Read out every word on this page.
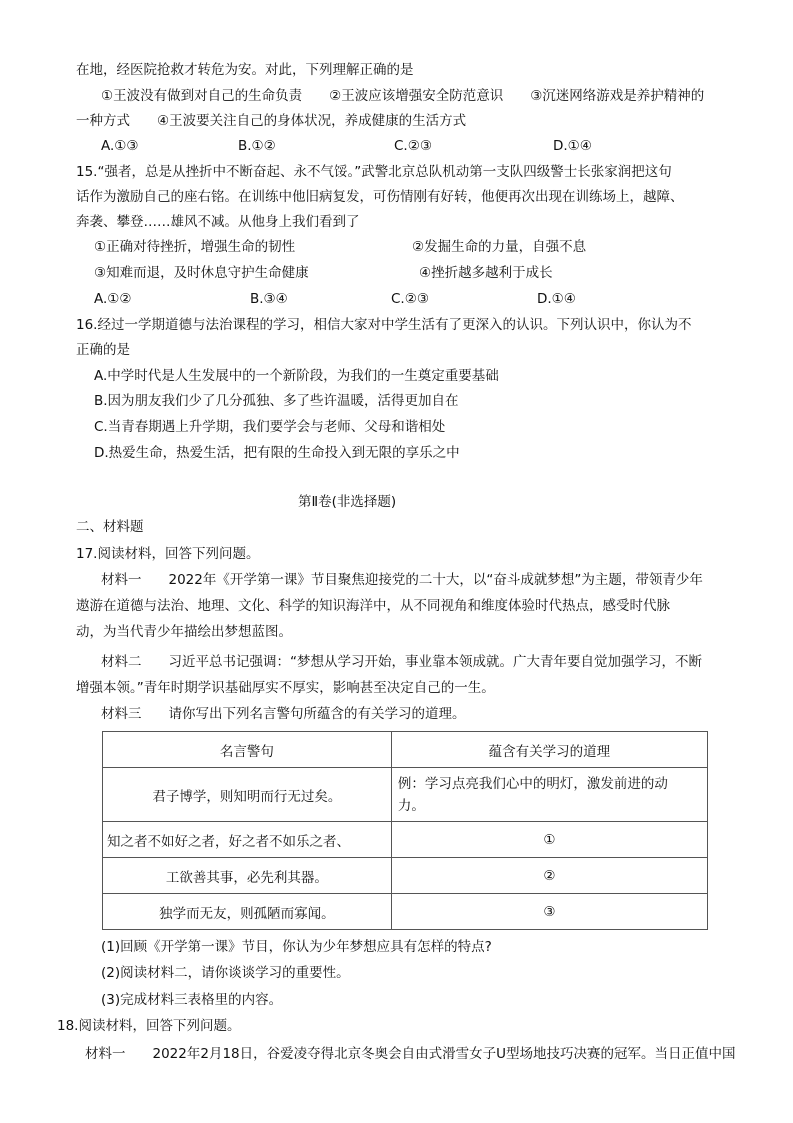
在地，经医院抢救才转危为安。对此，下列理解正确的是
①王波没有做到对自己的生命负责　　②王波应该增强安全防范意识　　③沉迷网络游戏是养护精神的
一种方式　　④王波要关注自己的身体状况，养成健康的生活方式
A.①③	B.①②	C.②③	D.①④
15.“强者，总是从挫折中不断奋起、永不气馁。”武警北京总队机动第一支队四级警士长张家润把这句
话作为激励自己的座右铭。在训练中他旧病复发，可伤情刚有好转，他便再次出现在训练场上，越障、
奔袭、攀登……雄风不减。从他身上我们看到了
①正确对待挫折，增强生命的韧性	②发掘生命的力量，自强不息
③知难而退，及时休息守护生命健康	④挫折越多越利于成长
A.①②	B.③④	C.②③	D.①④
16.经过一学期道德与法治课程的学习，相信大家对中学生活有了更深入的认识。下列认识中，你认为不
正确的是
A.中学时代是人生发展中的一个新阶段，为我们的一生奠定重要基础
B.因为朋友我们少了几分孤独、多了些许温暖，活得更加自在
C.当青春期遇上升学期，我们要学会与老师、父母和谐相处
D.热爱生命，热爱生活，把有限的生命投入到无限的享乐之中
第Ⅱ卷(非选择题)
二、材料题
17.阅读材料，回答下列问题。
材料一　　2022年《开学第一课》节目聚焦迎接党的二十大，以“奋斗成就梦想”为主题，带领青少年
遨游在道德与法治、地理、文化、科学的知识海洋中，从不同视角和维度体验时代热点，感受时代脉
动，为当代青少年描绘出梦想蓝图。
材料二　　习近平总书记强调：“梦想从学习开始，事业靠本领成就。广大青年要自觉加强学习，不断
增强本领。”青年时期学识基础厚实不厚实，影响甚至决定自己的一生。
材料三　　请你写出下列名言警句所蕴含的有关学习的道理。
名言警句	蕴含有关学习的道理
君子博学，则知明而行无过矣。	例：学习点亮我们心中的明灯，激发前进的动
力。

知之者不如好之者，好之者不如乐之者、	①
工欲善其事，必先利其器。	②
独学而无友，则孤陋而寡闻。	③
(1)回顾《开学第一课》节目，你认为少年梦想应具有怎样的特点?
(2)阅读材料二，请你谈谈学习的重要性。
(3)完成材料三表格里的内容。
18.阅读材料，回答下列问题。
材料一　　2022年2月18日，谷爱凌夺得北京冬奥会自由式滑雪女子U型场地技巧决赛的冠军。当日正值中国
